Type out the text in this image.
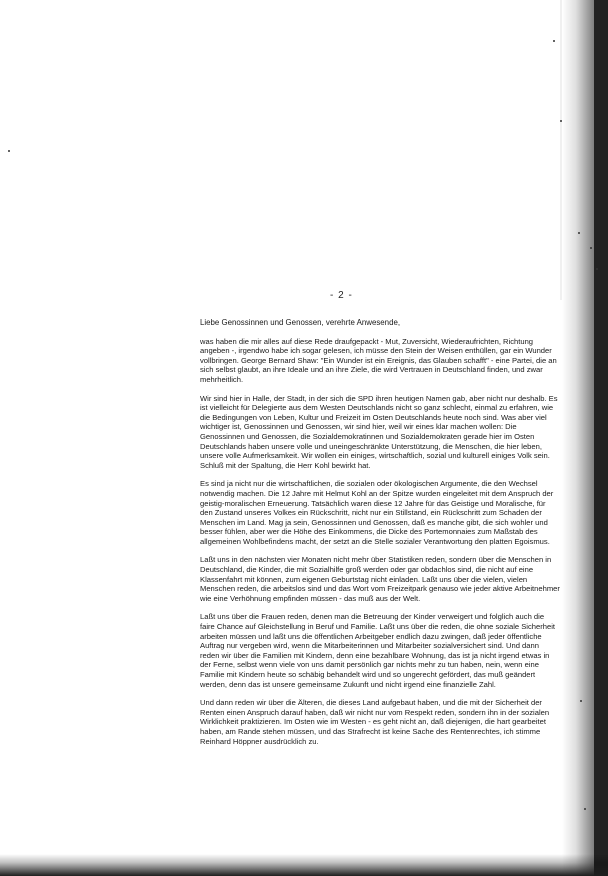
- 2 -

Liebe Genossinnen und Genossen, verehrte Anwesende,

was haben die mir alles auf diese Rede draufgepackt - Mut, Zuversicht, Wiederaufrichten, Richtung angeben -, irgendwo habe ich sogar gelesen, ich müsse den Stein der Weisen enthüllen, gar ein Wunder vollbringen. George Bernard Shaw: "Ein Wunder ist ein Ereignis, das Glauben schafft" - eine Partei, die an sich selbst glaubt, an ihre Ideale und an ihre Ziele, die wird Vertrauen in Deutschland finden, und zwar mehrheitlich.

Wir sind hier in Halle, der Stadt, in der sich die SPD ihren heutigen Namen gab, aber nicht nur deshalb. Es ist vielleicht für Delegierte aus dem Westen Deutschlands nicht so ganz schlecht, einmal zu erfahren, wie die Bedingungen von Leben, Kultur und Freizeit im Osten Deutschlands heute noch sind. Was aber viel wichtiger ist, Genossinnen und Genossen, wir sind hier, weil wir eines klar machen wollen: Die Genossinnen und Genossen, die Sozialdemokratinnen und Sozialdemokraten gerade hier im Osten Deutschlands haben unsere volle und uneingeschränkte Unterstützung, die Menschen, die hier leben, unsere volle Aufmerksamkeit. Wir wollen ein einiges, wirtschaftlich, sozial und kulturell einiges Volk sein. Schluß mit der Spaltung, die Herr Kohl bewirkt hat.

Es sind ja nicht nur die wirtschaftlichen, die sozialen oder ökologischen Argumente, die den Wechsel notwendig machen. Die 12 Jahre mit Helmut Kohl an der Spitze wurden eingeleitet mit dem Anspruch der geistig-moralischen Erneuerung. Tatsächlich waren diese 12 Jahre für das Geistige und Moralische, für den Zustand unseres Volkes ein Rückschritt, nicht nur ein Stillstand, ein Rückschritt zum Schaden der Menschen im Land. Mag ja sein, Genossinnen und Genossen, daß es manche gibt, die sich wohler und besser fühlen, aber wer die Höhe des Einkommens, die Dicke des Portemonnaies zum Maßstab des allgemeinen Wohlbefindens macht, der setzt an die Stelle sozialer Verantwortung den platten Egoismus.

Laßt uns in den nächsten vier Monaten nicht mehr über Statistiken reden, sondern über die Menschen in Deutschland, die Kinder, die mit Sozialhilfe groß werden oder gar obdachlos sind, die nicht auf eine Klassenfahrt mit können, zum eigenen Geburtstag nicht einladen. Laßt uns über die vielen, vielen Menschen reden, die arbeitslos sind und das Wort vom Freizeitpark genauso wie jeder aktive Arbeitnehmer wie eine Verhöhnung empfinden müssen - das muß aus der Welt.

Laßt uns über die Frauen reden, denen man die Betreuung der Kinder verweigert und folglich auch die faire Chance auf Gleichstellung in Beruf und Familie. Laßt uns über die reden, die ohne soziale Sicherheit arbeiten müssen und laßt uns die öffentlichen Arbeitgeber endlich dazu zwingen, daß jeder öffentliche Auftrag nur vergeben wird, wenn die Mitarbeiterinnen und Mitarbeiter sozialversichert sind. Und dann reden wir über die Familien mit Kindern, denn eine bezahlbare Wohnung, das ist ja nicht irgend etwas in der Ferne, selbst wenn viele von uns damit persönlich gar nichts mehr zu tun haben, nein, wenn eine Familie mit Kindern heute so schäbig behandelt wird und so ungerecht gefördert, das muß geändert werden, denn das ist unsere gemeinsame Zukunft und nicht irgend eine finanzielle Zahl.

Und dann reden wir über die Älteren, die dieses Land aufgebaut haben, und die mit der Sicherheit der Renten einen Anspruch darauf haben, daß wir nicht nur vom Respekt reden, sondern ihn in der sozialen Wirklichkeit praktizieren. Im Osten wie im Westen - es geht nicht an, daß diejenigen, die hart gearbeitet haben, am Rande stehen müssen, und das Strafrecht ist keine Sache des Rentenrechtes, ich stimme Reinhard Höppner ausdrücklich zu.
